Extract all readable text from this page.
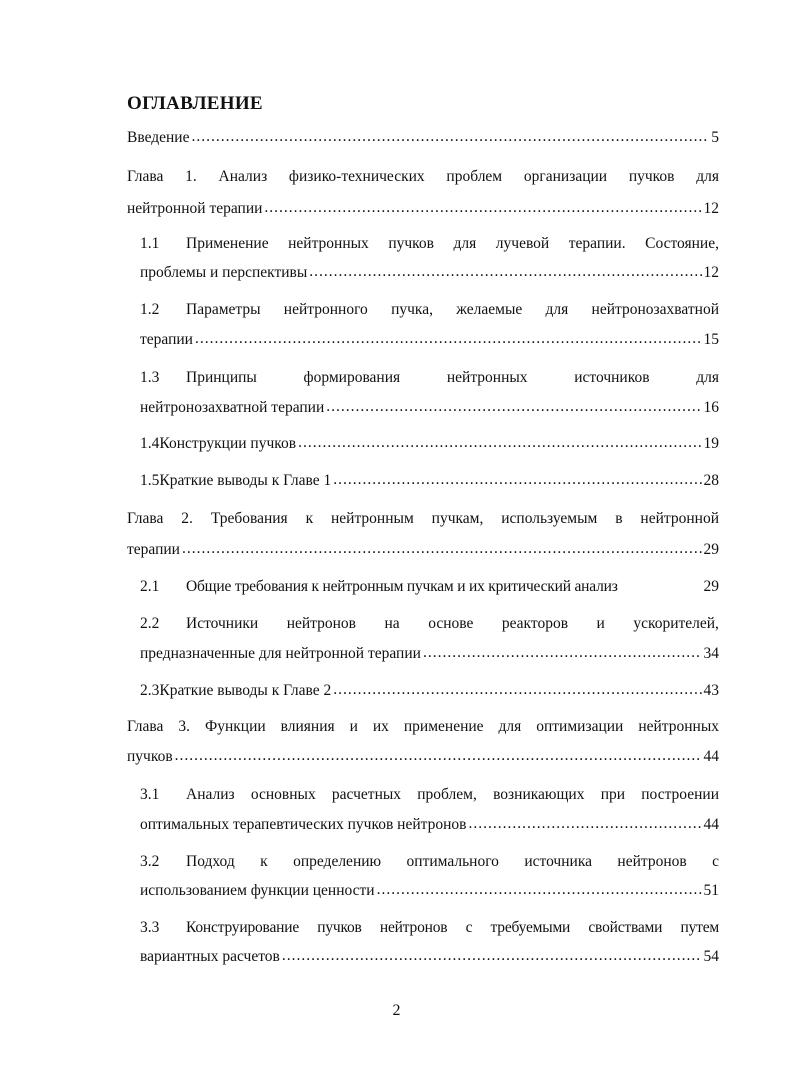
ОГЛАВЛЕНИЕ
Введение .....	5
Глава 1. Анализ физико-технических проблем организации пучков для
нейтронной терапии .....	12
1.1	Применение нейтронных пучков для лучевой терапии. Состояние,
проблемы и перспективы .....	12
1.2	Параметры нейтронного пучка, желаемые для нейтронозахватной
терапии .....	15
1.3	Принципы	формирования	нейтронных	источников	для
нейтронозахватной терапии .....	16
1.4 Конструкции пучков .....	19
1.5 Краткие выводы к Главе 1 .....	28
Глава 2. Требования к нейтронным пучкам, используемым в нейтронной
терапии .....	29
2.1	Общие требования к нейтронным пучкам и их критический анализ	29
2.2	Источники нейтронов на основе реакторов и ускорителей,
предназначенные для нейтронной терапии .....	34
2.3 Краткие выводы к Главе 2 .....	43
Глава 3. Функции влияния и их применение для оптимизации нейтронных
пучков .....	44
3.1	Анализ основных расчетных проблем, возникающих при построении
оптимальных терапевтических пучков нейтронов .....	44
3.2	Подход к определению оптимального источника нейтронов с
использованием функции ценности .....	51
3.3	Конструирование пучков нейтронов с требуемыми свойствами путем
вариантных расчетов .....	54
2
